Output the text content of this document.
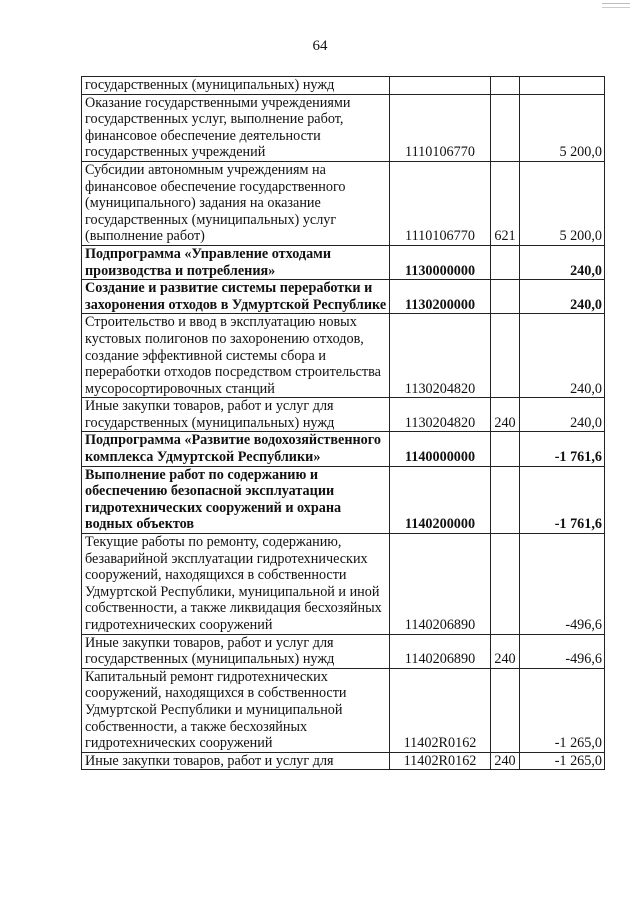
64
государственных (муниципальных) нужд			
Оказание государственными учреждениями государственных услуг, выполнение работ, финансовое обеспечение деятельности государственных учреждений	1110106770		5 200,0
Субсидии автономным учреждениям на финансовое обеспечение государственного (муниципального) задания на оказание государственных (муниципальных) услуг (выполнение работ)	1110106770	621	5 200,0
Подпрограмма «Управление отходами производства и потребления»	1130000000		240,0
Создание и развитие системы переработки и захоронения отходов в Удмуртской Республике	1130200000		240,0
Строительство и ввод в эксплуатацию новых кустовых полигонов по захоронению отходов, создание эффективной системы сбора и переработки отходов посредством строительства мусоросортировочных станций	1130204820		240,0
Иные закупки товаров, работ и услуг для государственных (муниципальных) нужд	1130204820	240	240,0
Подпрограмма «Развитие водохозяйственного комплекса Удмуртской Республики»	1140000000		-1 761,6
Выполнение работ по содержанию и обеспечению безопасной эксплуатации гидротехнических сооружений и охрана водных объектов	1140200000		-1 761,6
Текущие работы по ремонту, содержанию, безаварийной эксплуатации гидротехнических сооружений, находящихся в собственности Удмуртской Республики, муниципальной и иной собственности, а также ликвидация бесхозяйных гидротехнических сооружений	1140206890		-496,6
Иные закупки товаров, работ и услуг для государственных (муниципальных) нужд	1140206890	240	-496,6
Капитальный ремонт гидротехнических сооружений, находящихся в собственности Удмуртской Республики и муниципальной собственности, а также бесхозяйных гидротехнических сооружений	11402R0162		-1 265,0
Иные закупки товаров, работ и услуг для	11402R0162	240	-1 265,0
